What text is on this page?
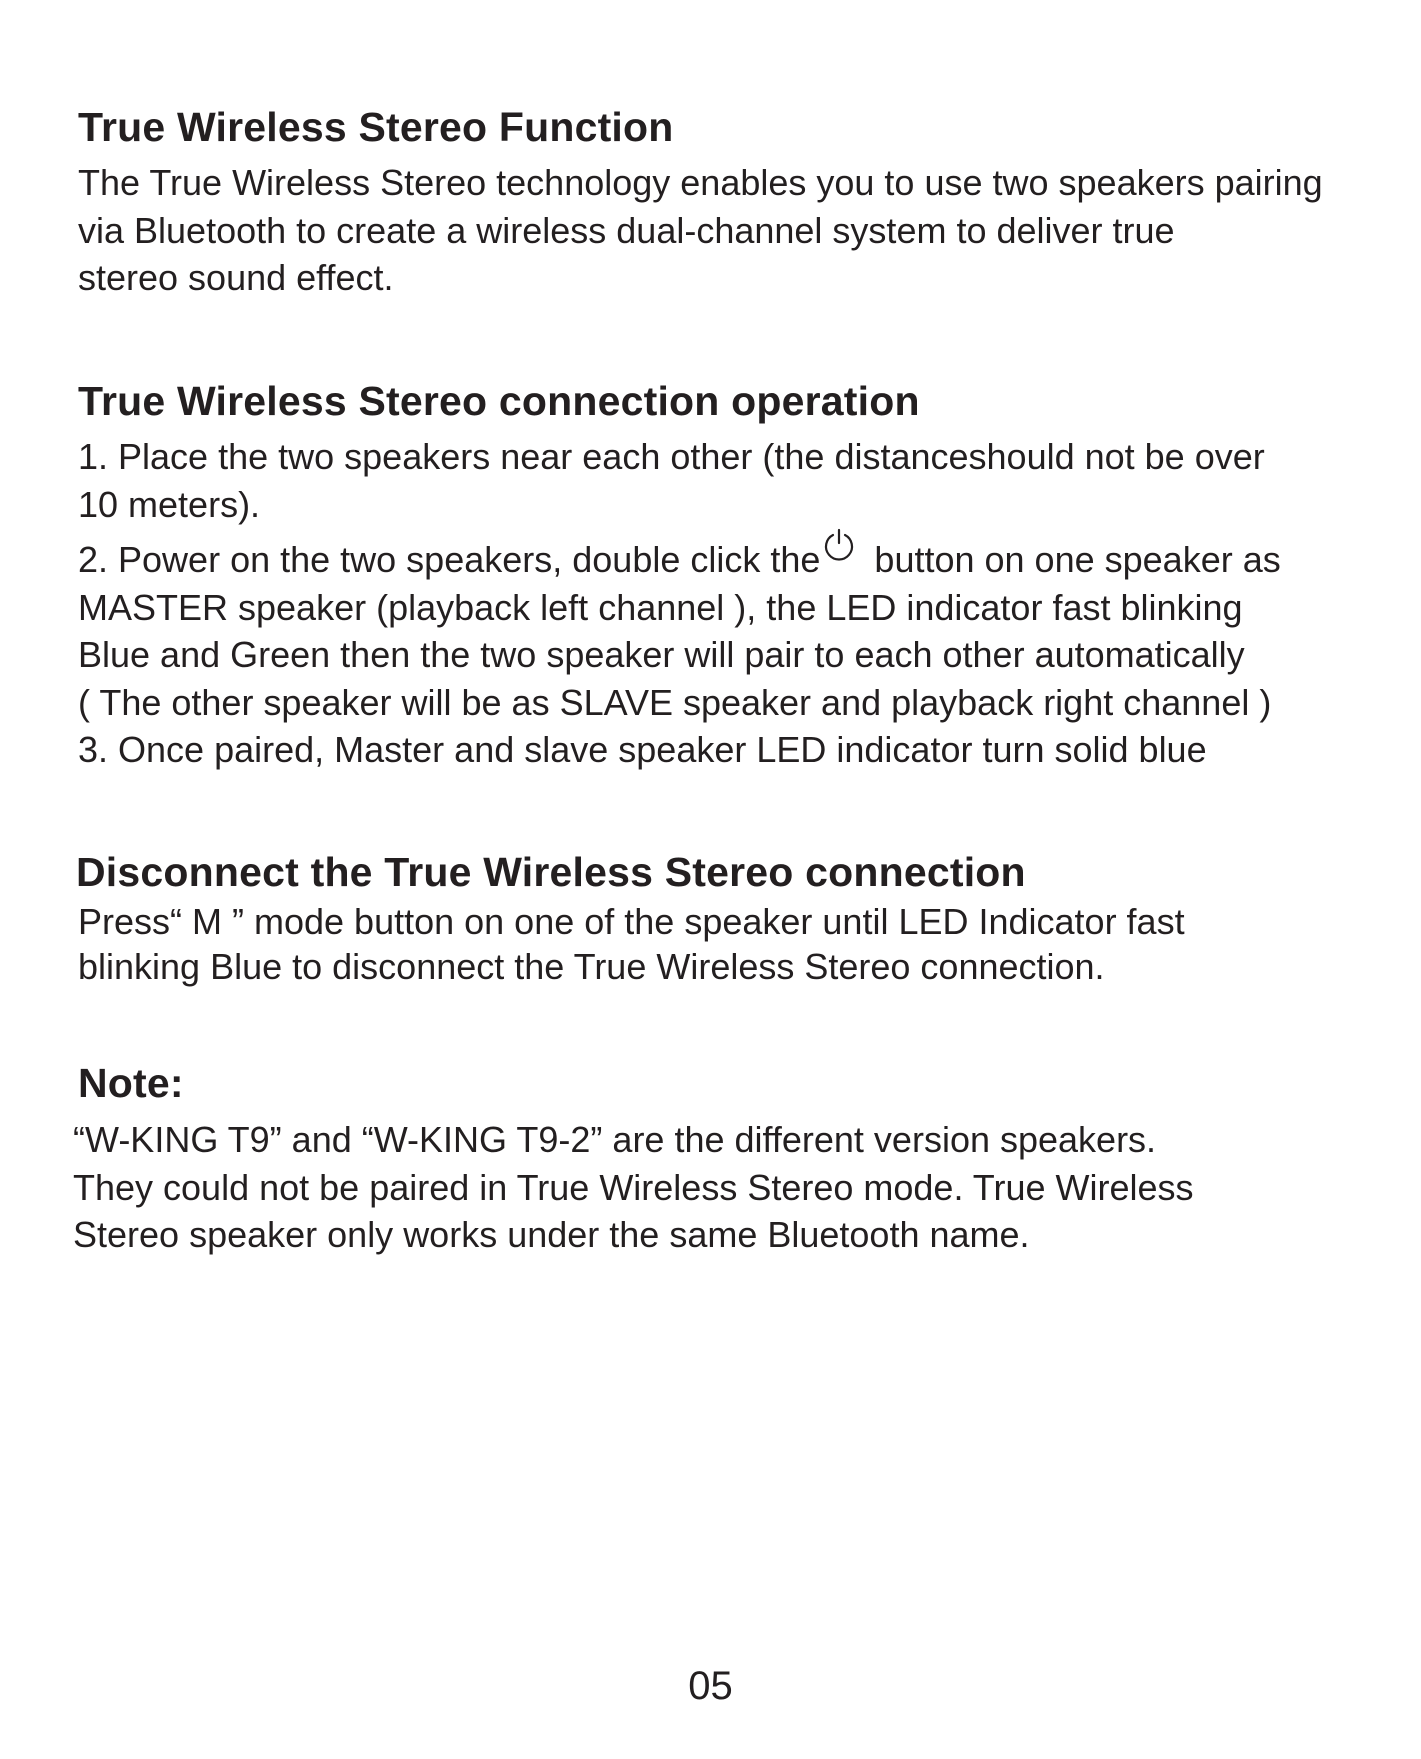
True Wireless Stereo Function
The True Wireless Stereo technology enables you to use two speakers pairing
via Bluetooth to create a wireless dual-channel system to deliver true
stereo sound effect.
True Wireless Stereo connection operation
1. Place the two speakers near each other (the distanceshould not be over
10 meters).
2. Power on the two speakers, double click the button on one speaker as
MASTER speaker (playback left channel ), the LED indicator fast blinking
Blue and Green then the two speaker will pair to each other automatically
( The other speaker will be as SLAVE speaker and playback right channel )
3. Once paired, Master and slave speaker LED indicator turn solid blue
Disconnect the True Wireless Stereo connection
Press“ M ” mode button on one of the speaker until LED Indicator fast
blinking Blue to disconnect the True Wireless Stereo connection.
Note:
“W-KING T9” and “W-KING T9-2” are the different version speakers.
They could not be paired in True Wireless Stereo mode. True Wireless
Stereo speaker only works under the same Bluetooth name.
05
